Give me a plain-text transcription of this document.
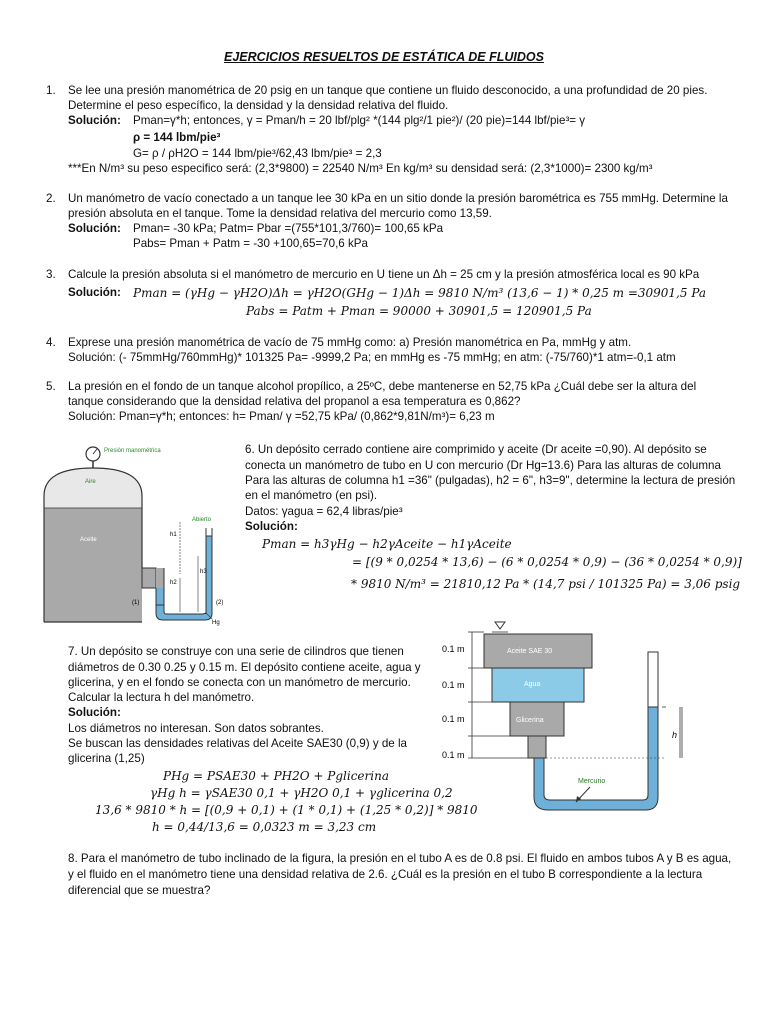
EJERCICIOS RESUELTOS DE ESTÁTICA DE FLUIDOS
1. Se lee una presión manométrica de 20 psig en un tanque que contiene un fluido desconocido, a una profundidad de 20 pies.
Determine el peso específico, la densidad y la densidad relativa del fluido.
Solución: Pman=γ*h; entonces, γ = Pman/h = 20 lbf/plg² *(144 plg²/1 pie²)/ (20 pie)=144 lbf/pie³= γ
ρ = 144 lbm/pie³
G= ρ / ρH2O = 144 lbm/pie³/62,43 lbm/pie³ = 2,3
***En N/m³ su peso especifico será: (2,3*9800) = 22540 N/m³ En kg/m³ su densidad será: (2,3*1000)= 2300 kg/m³
2. Un manómetro de vacío conectado a un tanque lee 30 kPa en un sitio donde la presión barométrica es 755 mmHg. Determine la
presión absoluta en el tanque. Tome la densidad relativa del mercurio como 13,59.
Solución: Pman= -30 kPa; Patm= Pbar =(755*101,3/760)= 100,65 kPa
Pabs= Pman + Patm = -30 +100,65=70,6 kPa
3. Calcule la presión absoluta si el manómetro de mercurio en U tiene un Δh = 25 cm y la presión atmosférica local es 90 kPa
Solución: Pman = (γHg − γH2O)Δh = γH2O(GHg − 1)Δh = 9810 N/m³ (13,6 − 1) * 0,25 m =30901,5 Pa
Pabs = Patm + Pman = 90000 + 30901,5 = 120901,5 Pa
4. Exprese una presión manométrica de vacío de 75 mmHg como: a) Presión manométrica en Pa, mmHg y atm.
Solución: (- 75mmHg/760mmHg)* 101325 Pa= -9999,2 Pa; en mmHg es -75 mmHg; en atm: (-75/760)*1 atm=-0,1 atm
5. La presión en el fondo de un tanque alcohol propílico, a 25ºC, debe mantenerse en 52,75 kPa ¿Cuál debe ser la altura del
tanque considerando que la densidad relativa del propanol a esa temperatura es 0,862?
Solución: Pman=γ*h; entonces: h= Pman/ γ =52,75 kPa/ (0,862*9,81N/m³)= 6,23 m
Presión manométrica
Aire
Aceite
h1
h2
h3
Abierto
(1)	(2)
Hg
6. Un depósito cerrado contiene aire comprimido y aceite (Dr aceite =0,90). Al depósito se
conecta un manómetro de tubo en U con mercurio (Dr Hg=13.6) Para las alturas de columna
Para las alturas de columna h1 =36" (pulgadas), h2 = 6", h3=9", determine la lectura de presión
en el manómetro (en psi).
Datos: γagua = 62,4 libras/pie³
Solución:
Pman = h3γHg − h2γAceite − h1γAceite
= [(9 * 0,0254 * 13,6) − (6 * 0,0254 * 0,9) − (36 * 0,0254 * 0,9)]
* 9810 N/m³ = 21810,12 Pa * (14,7 psi / 101325 Pa) = 3,06 psig
Aceite SAE 30
Agua
Glicerina
0.1 m
0.1 m
0.1 m
0.1 m
h
Mercurio
7. Un depósito se construye con una serie de cilindros que tienen
diámetros de 0.30 0.25 y 0.15 m. El depósito contiene aceite, agua y
glicerina, y en el fondo se conecta con un manómetro de mercurio.
Calcular la lectura h del manómetro.
Solución:
Los diámetros no interesan. Son datos sobrantes.
Se buscan las densidades relativas del Aceite SAE30 (0,9) y de la
glicerina (1,25)
PHg = PSAE30 + PH2O + Pglicerina
γHg h = γSAE30 0,1 + γH2O 0,1 + γglicerina 0,2
13,6 * 9810 * h = [(0,9 + 0,1) + (1 * 0,1) + (1,25 * 0,2)] * 9810
h = 0,44/13,6 = 0,0323 m = 3,23 cm
8. Para el manómetro de tubo inclinado de la figura, la presión en el tubo A es de 0.8 psi. El fluido en ambos tubos A y B es agua,
y el fluido en el manómetro tiene una densidad relativa de 2.6. ¿Cuál es la presión en el tubo B correspondiente a la lectura
diferencial que se muestra?
